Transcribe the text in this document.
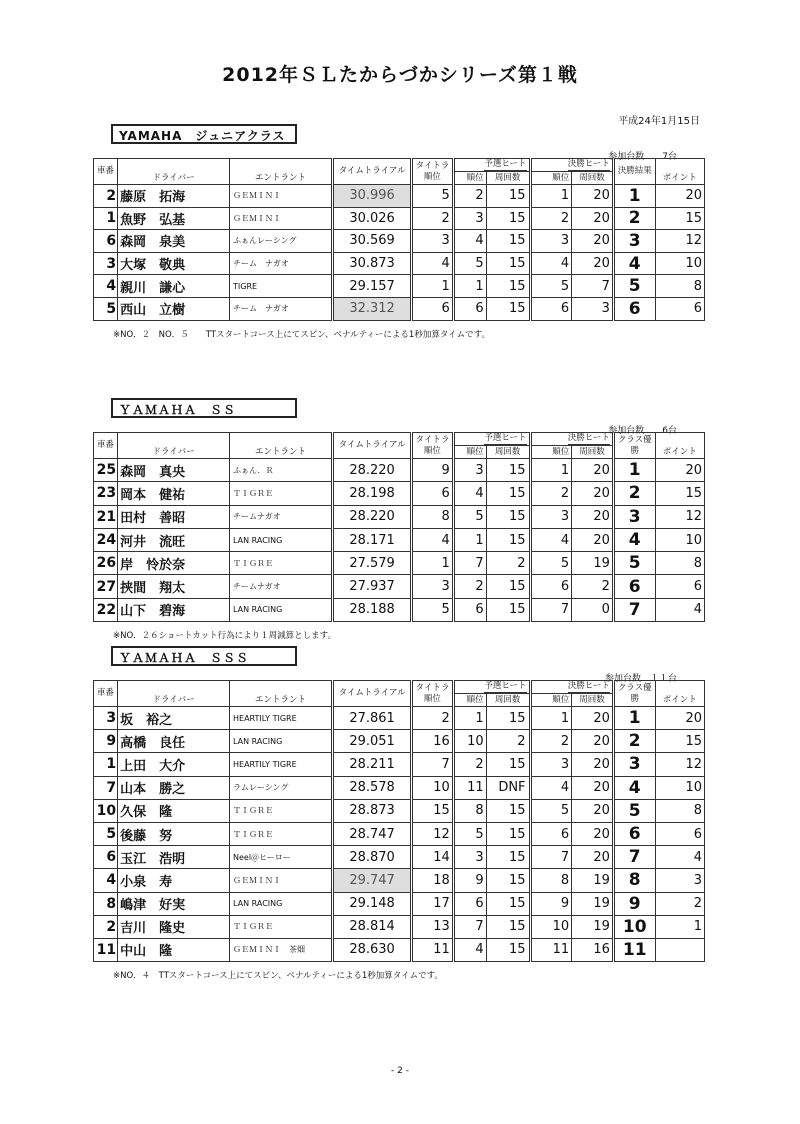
2012年ＳＬたからづかシリーズ第１戦
平成24年1月15日
YAMAHA　ジュニアクラス
参加台数　　7台
車番	ドライバー	エントラント	タイムトライアル	タイトラ順位	予選ヒート		決勝ヒート		決勝結果	ポイント
					順位	周回数	順位	周回数		
2	藤原　拓海	ＧＥＭＩＮＩ	30.996	5	2	15	1	20	1	20
1	魚野　弘基	ＧＥＭＩＮＩ	30.026	2	3	15	2	20	2	15
6	森岡　泉美	ふぁんレーシング	30.569	3	4	15	3	20	3	12
3	大塚　敬典	チーム　ナガオ	30.873	4	5	15	4	20	4	10
4	親川　謙心	TIGRE	29.157	1	1	15	5	7	5	8
5	西山　立樹	チーム　ナガオ	32.312	6	6	15	6	3	6	6
※NO．２　NO．５　　TTスタートコース上にてスピン、ペナルティーによる1秒加算タイムです。
ＹＡＭＡＨＡ　ＳＳ
参加台数　　6台
車番	ドライバー	エントラント	タイムトライアル	タイトラ順位	予選ヒート		決勝ヒート		クラス優勝	ポイント
					順位	周回数	順位	周回数		
25	森岡　真央	ふぁん．Ｒ	28.220	9	3	15	1	20	1	20
23	岡本　健祐	ＴＩＧＲＥ	28.198	6	4	15	2	20	2	15
21	田村　善昭	チームナガオ	28.220	8	5	15	3	20	3	12
24	河井　流旺	LAN RACING	28.171	4	1	15	4	20	4	10
26	岸　怜於奈	ＴＩＧＲＥ	27.579	1	7	2	5	19	5	8
27	挟間　翔太	チームナガオ	27.937	3	2	15	6	2	6	6
22	山下　碧海	LAN RACING	28.188	5	6	15	7	0	7	4
※NO．２６ショートカット行為により１周減算とします。
ＹＡＭＡＨＡ　ＳＳＳ
参加台数　１１台
車番	ドライバー	エントラント	タイムトライアル	タイトラ順位	予選ヒート		決勝ヒート		クラス優勝	ポイント
					順位	周回数	順位	周回数		
3	坂　裕之	HEARTILY TIGRE	27.861	2	1	15	1	20	1	20
9	高橋　良任	LAN RACING	29.051	16	10	2	2	20	2	15
1	上田　大介	HEARTILY TIGRE	28.211	7	2	15	3	20	3	12
7	山本　勝之	ラムレーシング	28.578	10	11	DNF	4	20	4	10
10	久保　隆	ＴＩＧＲＥ	28.873	15	8	15	5	20	5	8
5	後藤　努	ＴＩＧＲＥ	28.747	12	5	15	6	20	6	6
6	玉江　浩明	Neel＠ヒーロー	28.870	14	3	15	7	20	7	4
4	小泉　寿	ＧＥＭＩＮＩ	29.747	18	9	15	8	19	8	3
8	嶋津　好実	LAN RACING	29.148	17	6	15	9	19	9	2
2	吉川　隆史	ＴＩＧＲＥ	28.814	13	7	15	10	19	10	1
11	中山　隆	ＧＥＭＩＮＩ　茶畑	28.630	11	4	15	11	16	11	
※NO．４　TTスタートコース上にてスピン、ペナルティーによる1秒加算タイムです。
- 2 -
